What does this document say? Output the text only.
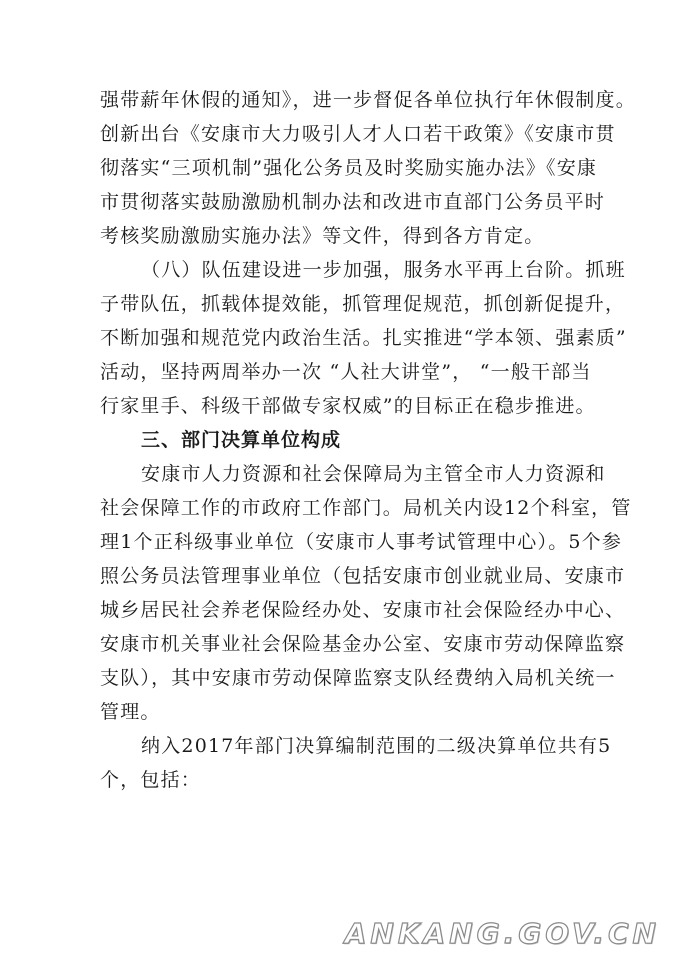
强带薪年休假的通知》，进一步督促各单位执行年休假制度。
创新出台《安康市大力吸引人才人口若干政策》《安康市贯
彻落实“三项机制”强化公务员及时奖励实施办法》《安康
市贯彻落实鼓励激励机制办法和改进市直部门公务员平时
考核奖励激励实施办法》等文件，得到各方肯定。
（八）队伍建设进一步加强，服务水平再上台阶。抓班
子带队伍，抓载体提效能，抓管理促规范，抓创新促提升，
不断加强和规范党内政治生活。扎实推进“学本领、强素质”
活动，坚持两周举办一次 “人社大讲堂”， “一般干部当
行家里手、科级干部做专家权威”的目标正在稳步推进。
三、部门决算单位构成
安康市人力资源和社会保障局为主管全市人力资源和
社会保障工作的市政府工作部门。局机关内设12个科室，管
理1个正科级事业单位（安康市人事考试管理中心）。5个参
照公务员法管理事业单位（包括安康市创业就业局、安康市
城乡居民社会养老保险经办处、安康市社会保险经办中心、
安康市机关事业社会保险基金办公室、安康市劳动保障监察
支队），其中安康市劳动保障监察支队经费纳入局机关统一
管理。
纳入2017年部门决算编制范围的二级决算单位共有5
个，包括：
ANKANG.GOV.CN
